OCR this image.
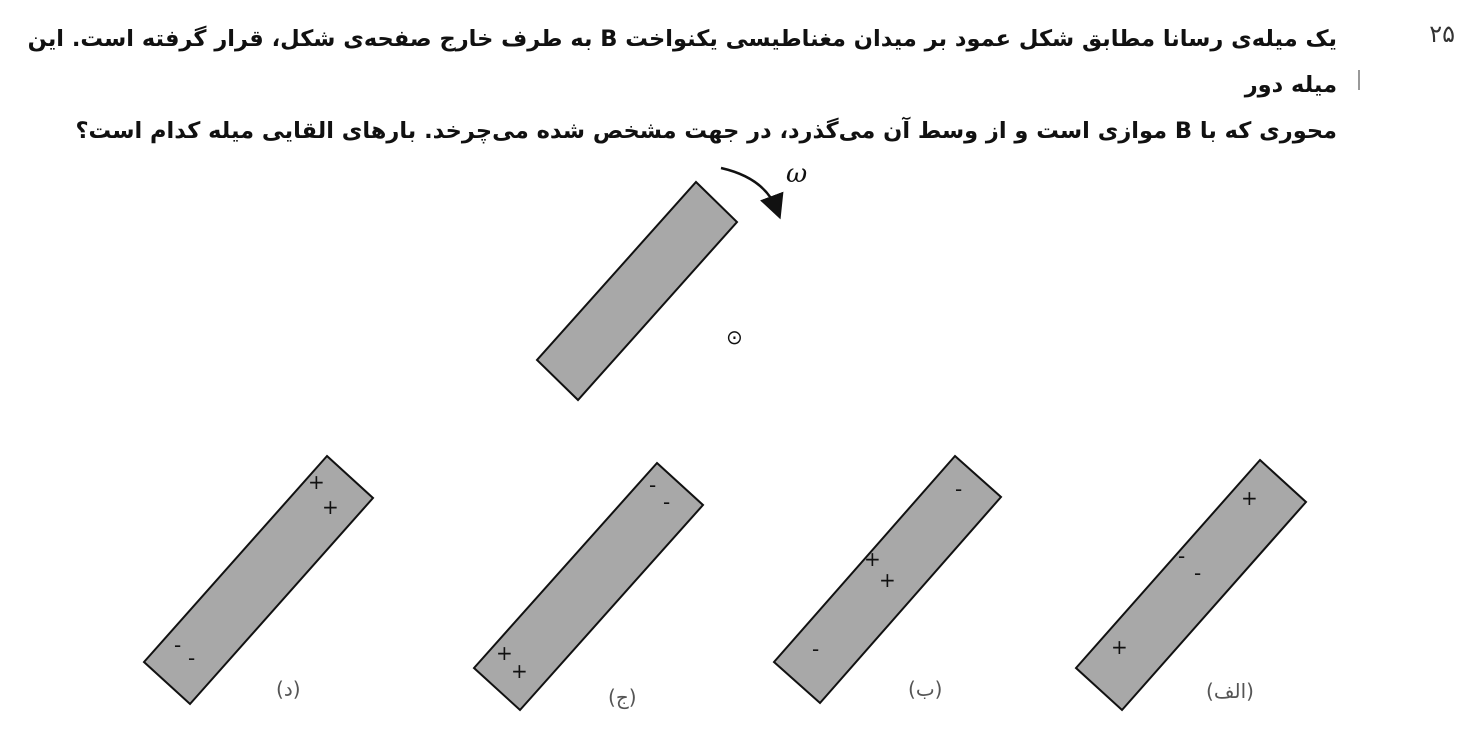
۲۵
یک میله‌ی رسانا مطابق شکل عمود بر میدان مغناطیسی یکنواخت B به طرف خارج صفحه‌ی شکل، قرار گرفته است. این میله دور
محوری که با B موازی است و از وسط آن می‌گذرد، در جهت مشخص شده می‌چرخد. بارهای القایی میله کدام است؟
ω
⊙
+
-
-
+
(الف)
-
+
+
-
(ب)
-
-
+
+
(ج)
+
+
-
-
(د)
